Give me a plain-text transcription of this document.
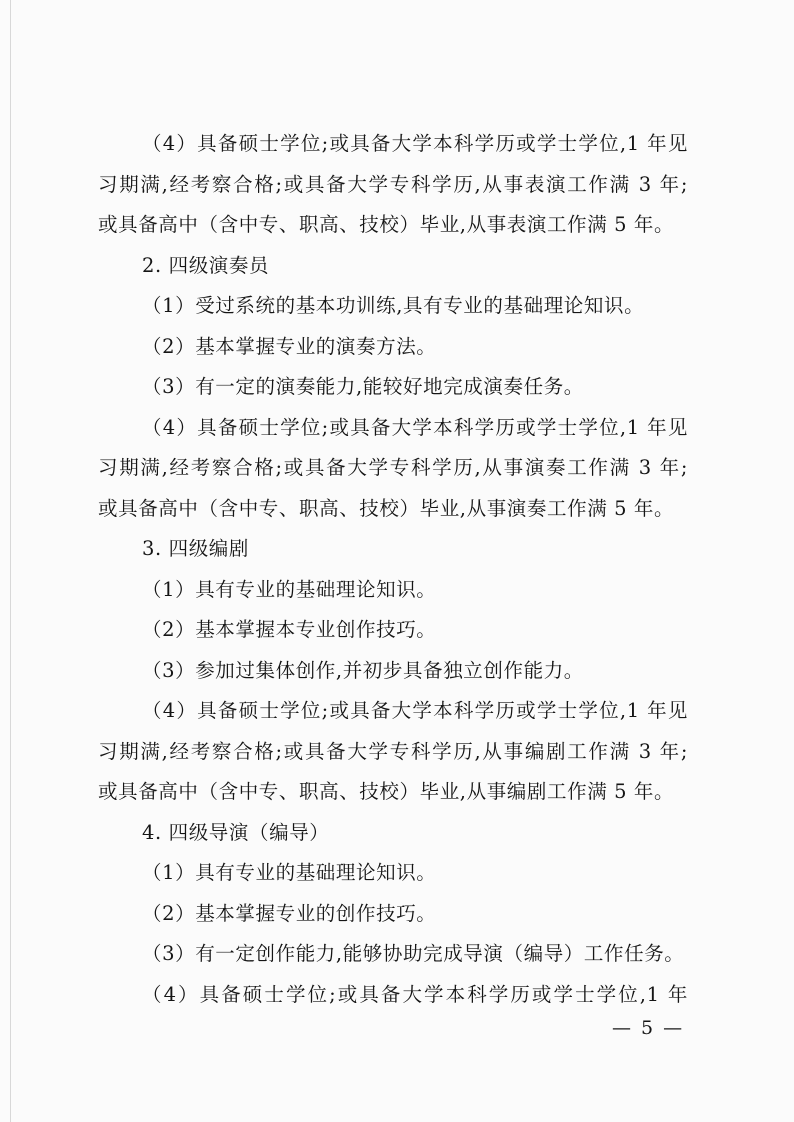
（4）具备硕士学位;或具备大学本科学历或学士学位,1 年见
习期满,经考察合格;或具备大学专科学历,从事表演工作满 3 年;
或具备高中（含中专、职高、技校）毕业,从事表演工作满 5 年。
2. 四级演奏员
（1）受过系统的基本功训练,具有专业的基础理论知识。
（2）基本掌握专业的演奏方法。
（3）有一定的演奏能力,能较好地完成演奏任务。
（4）具备硕士学位;或具备大学本科学历或学士学位,1 年见
习期满,经考察合格;或具备大学专科学历,从事演奏工作满 3 年;
或具备高中（含中专、职高、技校）毕业,从事演奏工作满 5 年。
3. 四级编剧
（1）具有专业的基础理论知识。
（2）基本掌握本专业创作技巧。
（3）参加过集体创作,并初步具备独立创作能力。
（4）具备硕士学位;或具备大学本科学历或学士学位,1 年见
习期满,经考察合格;或具备大学专科学历,从事编剧工作满 3 年;
或具备高中（含中专、职高、技校）毕业,从事编剧工作满 5 年。
4. 四级导演（编导）
（1）具有专业的基础理论知识。
（2）基本掌握专业的创作技巧。
（3）有一定创作能力,能够协助完成导演（编导）工作任务。
（4）具备硕士学位;或具备大学本科学历或学士学位,1 年
— 5 —
